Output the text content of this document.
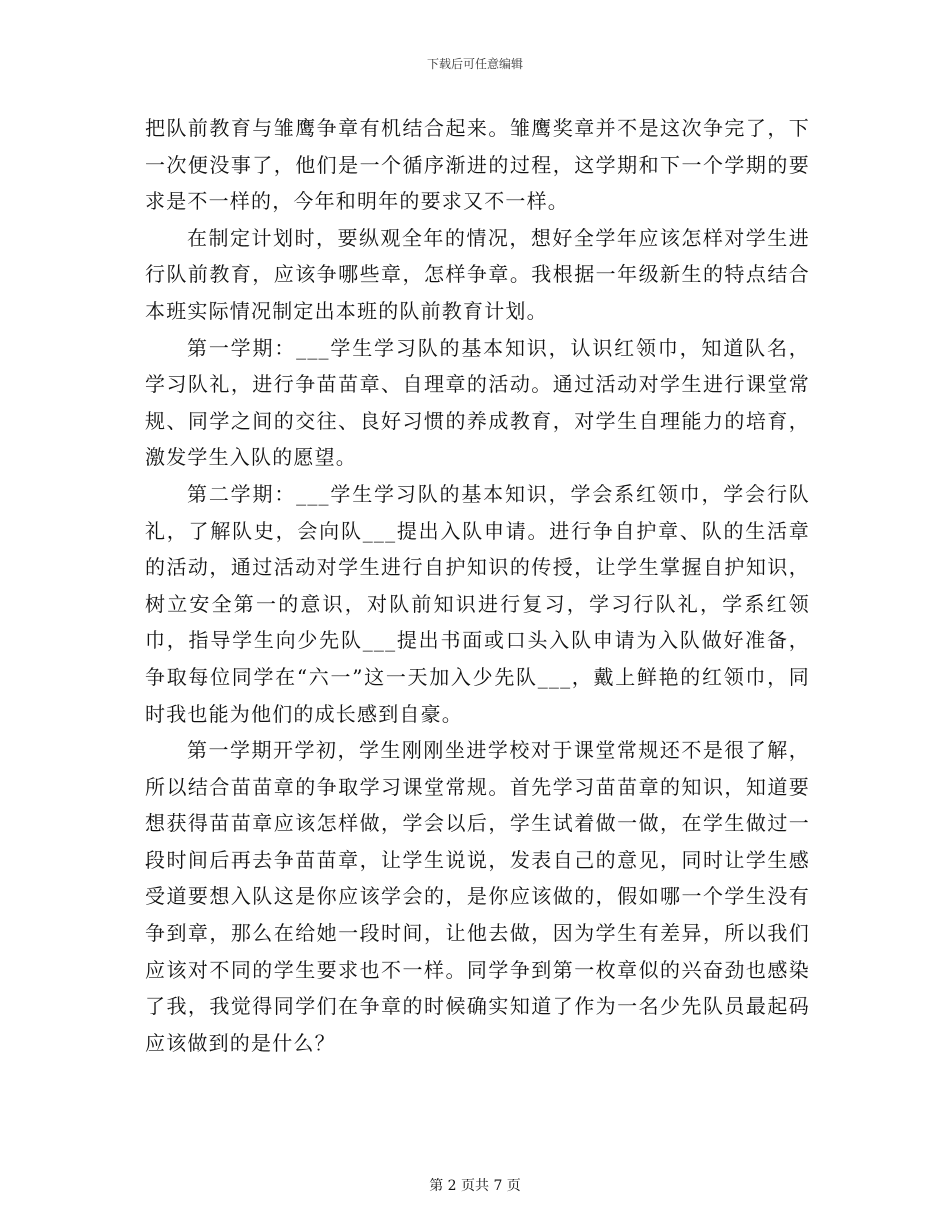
下载后可任意编辑

把队前教育与雏鹰争章有机结合起来。雏鹰奖章并不是这次争完了，下一次便没事了，他们是一个循序渐进的过程，这学期和下一个学期的要求是不一样的，今年和明年的要求又不一样。

在制定计划时，要纵观全年的情况，想好全学年应该怎样对学生进行队前教育，应该争哪些章，怎样争章。我根据一年级新生的特点结合本班实际情况制定出本班的队前教育计划。

第一学期：___学生学习队的基本知识，认识红领巾，知道队名，学习队礼，进行争苗苗章、自理章的活动。通过活动对学生进行课堂常规、同学之间的交往、良好习惯的养成教育，对学生自理能力的培育，激发学生入队的愿望。

第二学期：___学生学习队的基本知识，学会系红领巾，学会行队礼，了解队史，会向队___提出入队申请。进行争自护章、队的生活章的活动，通过活动对学生进行自护知识的传授，让学生掌握自护知识，树立安全第一的意识，对队前知识进行复习，学习行队礼，学系红领巾，指导学生向少先队___提出书面或口头入队申请为入队做好准备，争取每位同学在“六一”这一天加入少先队___，戴上鲜艳的红领巾，同时我也能为他们的成长感到自豪。

第一学期开学初，学生刚刚坐进学校对于课堂常规还不是很了解，所以结合苗苗章的争取学习课堂常规。首先学习苗苗章的知识，知道要想获得苗苗章应该怎样做，学会以后，学生试着做一做，在学生做过一段时间后再去争苗苗章，让学生说说，发表自己的意见，同时让学生感受道要想入队这是你应该学会的，是你应该做的，假如哪一个学生没有争到章，那么在给她一段时间，让他去做，因为学生有差异，所以我们应该对不同的学生要求也不一样。同学争到第一枚章似的兴奋劲也感染了我，我觉得同学们在争章的时候确实知道了作为一名少先队员最起码应该做到的是什么？

第 2 页共 7 页
